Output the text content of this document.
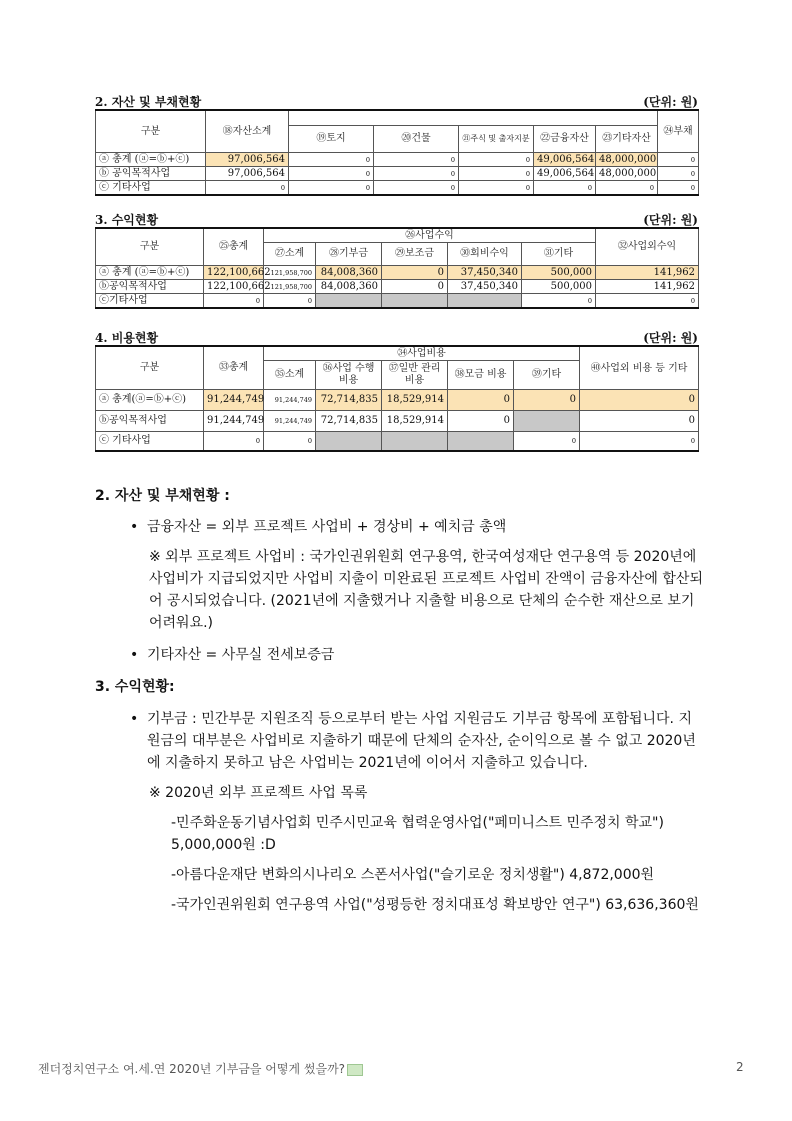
2. 자산 및 부채현황	(단위: 원)
구분	⑱자산소계						㉔부채
		⑲토지	⑳건물	㉑주식 및 출자지분	㉒금융자산	㉓기타자산	
ⓐ 총계 (ⓐ=ⓑ+ⓒ)	97,006,564	0	0	0	49,006,564	48,000,000	0
ⓑ 공익목적사업	97,006,564	0	0	0	49,006,564	48,000,000	0
ⓒ 기타사업	0	0	0	0	0	0	0
3. 수익현황	(단위: 원)
구분	㉕총계	㉖사업수익					㉜사업외수익
		㉗소계	㉘기부금	㉙보조금	㉚회비수익	㉛기타	
ⓐ 총계 (ⓐ=ⓑ+ⓒ)	122,100,662	121,958,700	84,008,360	0	37,450,340	500,000	141,962
ⓑ공익목적사업	122,100,662	121,958,700	84,008,360	0	37,450,340	500,000	141,962
ⓒ기타사업	0	0				0	0
4. 비용현황	(단위: 원)
구분	㉝총계	㉞사업비용					㊵사업외 비용 등 기타
		㉟소계	㊱사업 수행비용	㊲일반 관리비용	㊳모금 비용	㊴기타	
ⓐ 총계(ⓐ=ⓑ+ⓒ)	91,244,749	91,244,749	72,714,835	18,529,914	0	0	0
ⓑ공익목적사업	91,244,749	91,244,749	72,714,835	18,529,914	0		0
ⓒ 기타사업	0	0				0	0
2. 자산 및 부채현황 :
• 금융자산 = 외부 프로젝트 사업비 + 경상비 + 예치금 총액
※ 외부 프로젝트 사업비 : 국가인권위원회 연구용역, 한국여성재단 연구용역 등 2020년에 사업비가 지급되었지만 사업비 지출이 미완료된 프로젝트 사업비 잔액이 금융자산에 합산되어 공시되었습니다. (2021년에 지출했거나 지출할 비용으로 단체의 순수한 재산으로 보기 어려워요.)
• 기타자산 = 사무실 전세보증금
3. 수익현황:
• 기부금 : 민간부문 지원조직 등으로부터 받는 사업 지원금도 기부금 항목에 포함됩니다. 지원금의 대부분은 사업비로 지출하기 때문에 단체의 순자산, 순이익으로 볼 수 없고 2020년에 지출하지 못하고 남은 사업비는 2021년에 이어서 지출하고 있습니다.
※ 2020년 외부 프로젝트 사업 목록
-민주화운동기념사업회 민주시민교육 협력운영사업("페미니스트 민주정치 학교") 5,000,000원 :D
-아름다운재단 변화의시나리오 스폰서사업("슬기로운 정치생활") 4,872,000원
-국가인권위원회 연구용역 사업("성평등한 정치대표성 확보방안 연구") 63,636,360원
젠더정치연구소 여.세.연 2020년 기부금을 어떻게 썼을까?	2
